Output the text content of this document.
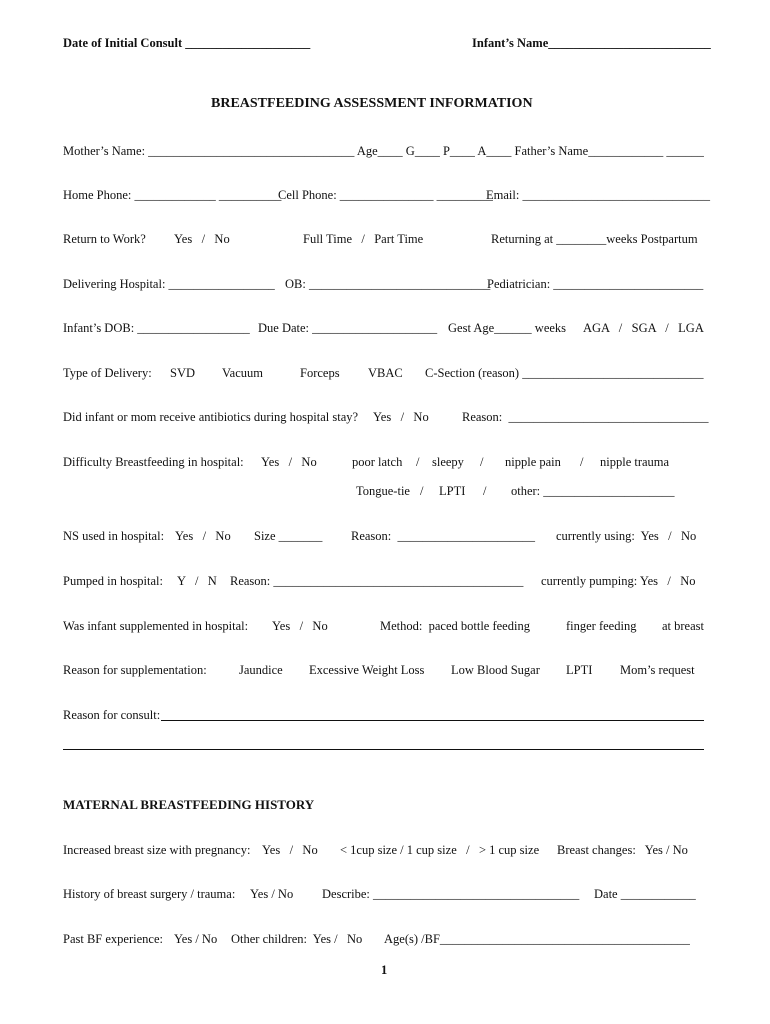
Date of Initial Consult ____________________	Infant’s Name__________________________
BREASTFEEDING ASSESSMENT INFORMATION
Mother’s Name: _________________________________ Age____ G____ P____ A____ Father’s Name____________ ______
Home Phone: _____________ __________
Cell Phone: _______________ _________
Email: ______________________________
Return to Work? Yes   /   No	Full Time   /   Part Time	Returning at ________weeks Postpartum
Delivering Hospital: _________________ OB: _____________________________
Pediatrician: ________________________
Infant’s DOB: __________________ Due Date: ____________________ Gest Age______ weeks AGA   /   SGA   /   LGA
Type of Delivery: SVD Vacuum	Forceps VBAC C-Section (reason) _____________________________
Did infant or mom receive antibiotics during hospital stay? Yes   /   No	Reason:  ________________________________
Difficulty Breastfeeding in hospital: Yes   /   No	poor latch / sleepy / nipple pain / nipple trauma
Tongue-tie / LPTI / other: _____________________
NS used in hospital: Yes   /   No Size _______ Reason:  ______________________ currently using:  Yes   /   No
Pumped in hospital: Y   /   N Reason: ________________________________________ currently pumping: Yes   /   No
Was infant supplemented in hospital: Yes   /   No	Method:  paced bottle feeding	finger feeding at breast
Reason for supplementation:	Jaundice Excessive Weight Loss Low Blood Sugar LPTI Mom’s request
Reason for consult:
MATERNAL BREASTFEEDING HISTORY
Increased breast size with pregnancy: Yes   /   No < 1cup size / 1 cup size   /   > 1 cup size Breast changes:   Yes / No
History of breast surgery / trauma: Yes / No Describe: _________________________________ Date ____________
Past BF experience: Yes / No Other children:  Yes /   No Age(s) /BF________________________________________
1
